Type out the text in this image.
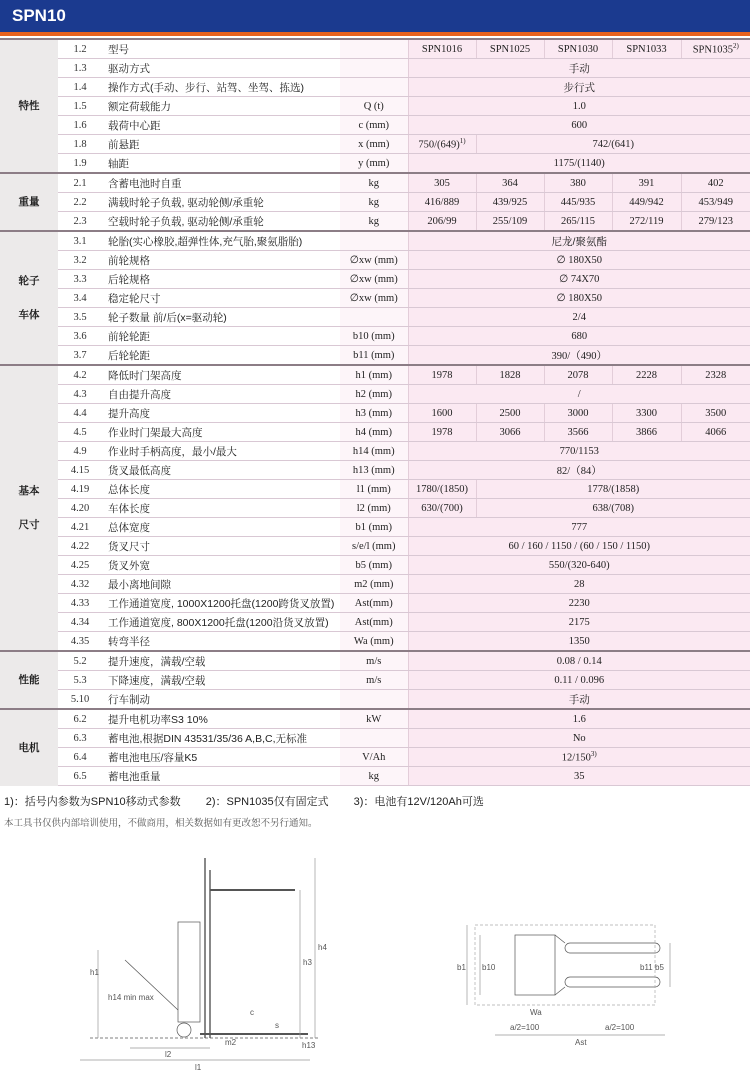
SPN10
特性	1.2	型号		SPN1016	SPN1025	SPN1030	SPN1033	SPN1035$^{2)}$
	1.3	驱动方式		手动				
	1.4	操作方式(手动、步行、站驾、坐驾、拣选)		步行式				
	1.5	额定荷载能力	Q (t)	1.0				
	1.6	载荷中心距	c (mm)	600				
	1.8	前悬距	x (mm)	$750/(649)^{1)}$	742/(641)			
	1.9	轴距	y (mm)	1175/(1140)				
重量	2.1	含蓄电池时自重	kg	305	364	380	391	402
	2.2	满载时轮子负载, 驱动轮侧/承重轮	kg	416/889	439/925	445/935	449/942	453/949
	2.3	空载时轮子负载, 驱动轮侧/承重轮	kg	206/99	255/109	265/115	272/119	279/123
轮子
车体	3.1	轮胎(实心橡胶,超弹性体,充气胎,聚氨脂胎)		尼龙/聚氨酯				
	3.2	前轮规格	∅xw (mm)	∅ 180X50				
	3.3	后轮规格	∅xw (mm)	∅ 74X70				
	3.4	稳定轮尺寸	∅xw (mm)	∅ 180X50				
	3.5	轮子数量 前/后(x=驱动轮)		2/4				
	3.6	前轮轮距	b10 (mm)	680				
	3.7	后轮轮距	b11 (mm)	390/（490）				
基本
尺寸	4.2	降低时门架高度	h1 (mm)	1978	1828	2078	2228	2328
	4.3	自由提升高度	h2 (mm)	/				
	4.4	提升高度	h3 (mm)	1600	2500	3000	3300	3500
	4.5	作业时门架最大高度	h4 (mm)	1978	3066	3566	3866	4066
	4.9	作业时手柄高度，最小/最大	h14 (mm)	770/1153				
	4.15	货叉最低高度	h13 (mm)	82/（84）				
	4.19	总体长度	l1 (mm)	1780/(1850)	1778/(1858)			
	4.20	车体长度	l2 (mm)	630/(700)	638/(708)			
	4.21	总体宽度	b1 (mm)	777				
	4.22	货叉尺寸	s/e/l (mm)	60 / 160 / 1150 / (60 / 150 / 1150)				
	4.25	货叉外宽	b5 (mm)	550/(320-640)				
	4.32	最小离地间隙	m2 (mm)	28				
	4.33	工作通道宽度, 1000X1200托盘(1200跨货叉放置)	Ast(mm)	2230				
	4.34	工作通道宽度, 800X1200托盘(1200沿货叉放置)	Ast(mm)	2175				
	4.35	转弯半径	Wa (mm)	1350				
性能	5.2	提升速度，满载/空载	m/s	0.08 / 0.14				
	5.3	下降速度，满载/空载	m/s	0.11 / 0.096				
	5.10	行车制动		手动				
电机	6.2	提升电机功率S3 10%	kW	1.6				
	6.3	蓄电池,根据DIN 43531/35/36 A,B,C,无标准		No				
	6.4	蓄电池电压/容量K5	V/Ah	12/150$^{3)}$
	6.5	蓄电池重量	kg	35				
1)：括号内参数为SPN10移动式参数 2)：SPN1035仅有固定式 3)：电池有12V/120Ah可选
本工具书仅供内部培训使用，不做商用，相关数据如有更改恕不另行通知。
h1
h4
h3
h14 min max
c
s
h13
m2
l2
l1
b1 b10	b5
b11
Wa
a/2=100	a/2=100
Ast
